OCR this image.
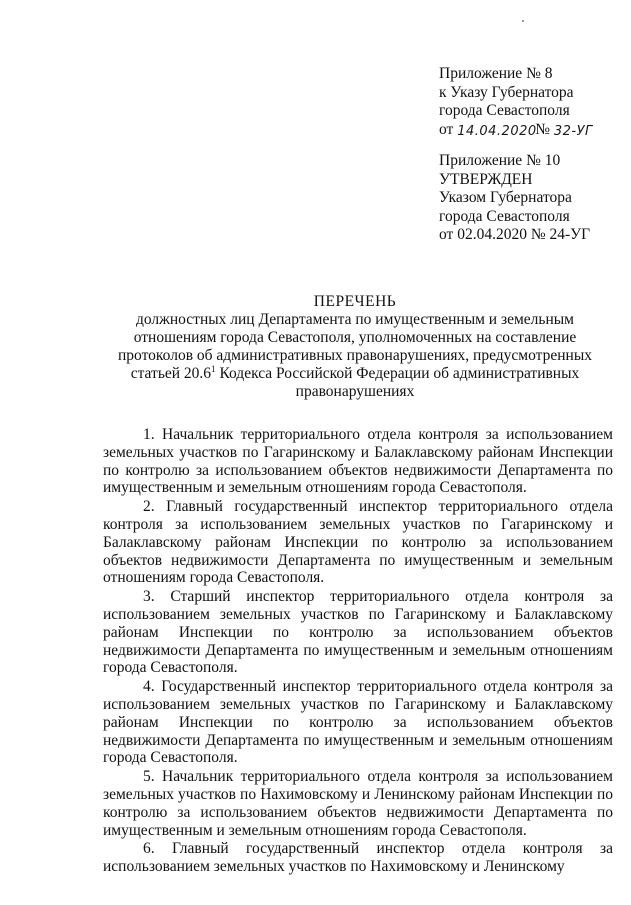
Приложение № 8
к Указу Губернатора
города Севастополя
от 14.04.2020№ 32-УГ
Приложение № 10
УТВЕРЖДЕН
Указом Губернатора
города Севастополя
от 02.04.2020 № 24-УГ
ПЕРЕЧЕНЬ
должностных лиц Департамента по имущественным и земельным
отношениям города Севастополя, уполномоченных на составление
протоколов об административных правонарушениях, предусмотренных
статьей 20.6$^1$ Кодекса Российской Федерации об административных
правонарушениях

1. Начальник территориального отдела контроля за использованием земельных участков по Гагаринскому и Балаклавскому районам Инспекции по контролю за использованием объектов недвижимости Департамента по имущественным и земельным отношениям города Севастополя.

2. Главный государственный инспектор территориального отдела контроля за использованием земельных участков по Гагаринскому и Балаклавскому районам Инспекции по контролю за использованием объектов недвижимости Департамента по имущественным и земельным отношениям города Севастополя.

3. Старший инспектор территориального отдела контроля за использованием земельных участков по Гагаринскому и Балаклавскому районам Инспекции по контролю за использованием объектов недвижимости Департамента по имущественным и земельным отношениям города Севастополя.

4. Государственный инспектор территориального отдела контроля за использованием земельных участков по Гагаринскому и Балаклавскому районам Инспекции по контролю за использованием объектов недвижимости Департамента по имущественным и земельным отношениям города Севастополя.

5. Начальник территориального отдела контроля за использованием земельных участков по Нахимовскому и Ленинскому районам Инспекции по контролю за использованием объектов недвижимости Департамента по имущественным и земельным отношениям города Севастополя.

6. Главный государственный инспектор отдела контроля за использованием земельных участков по Нахимовскому и Ленинскому
